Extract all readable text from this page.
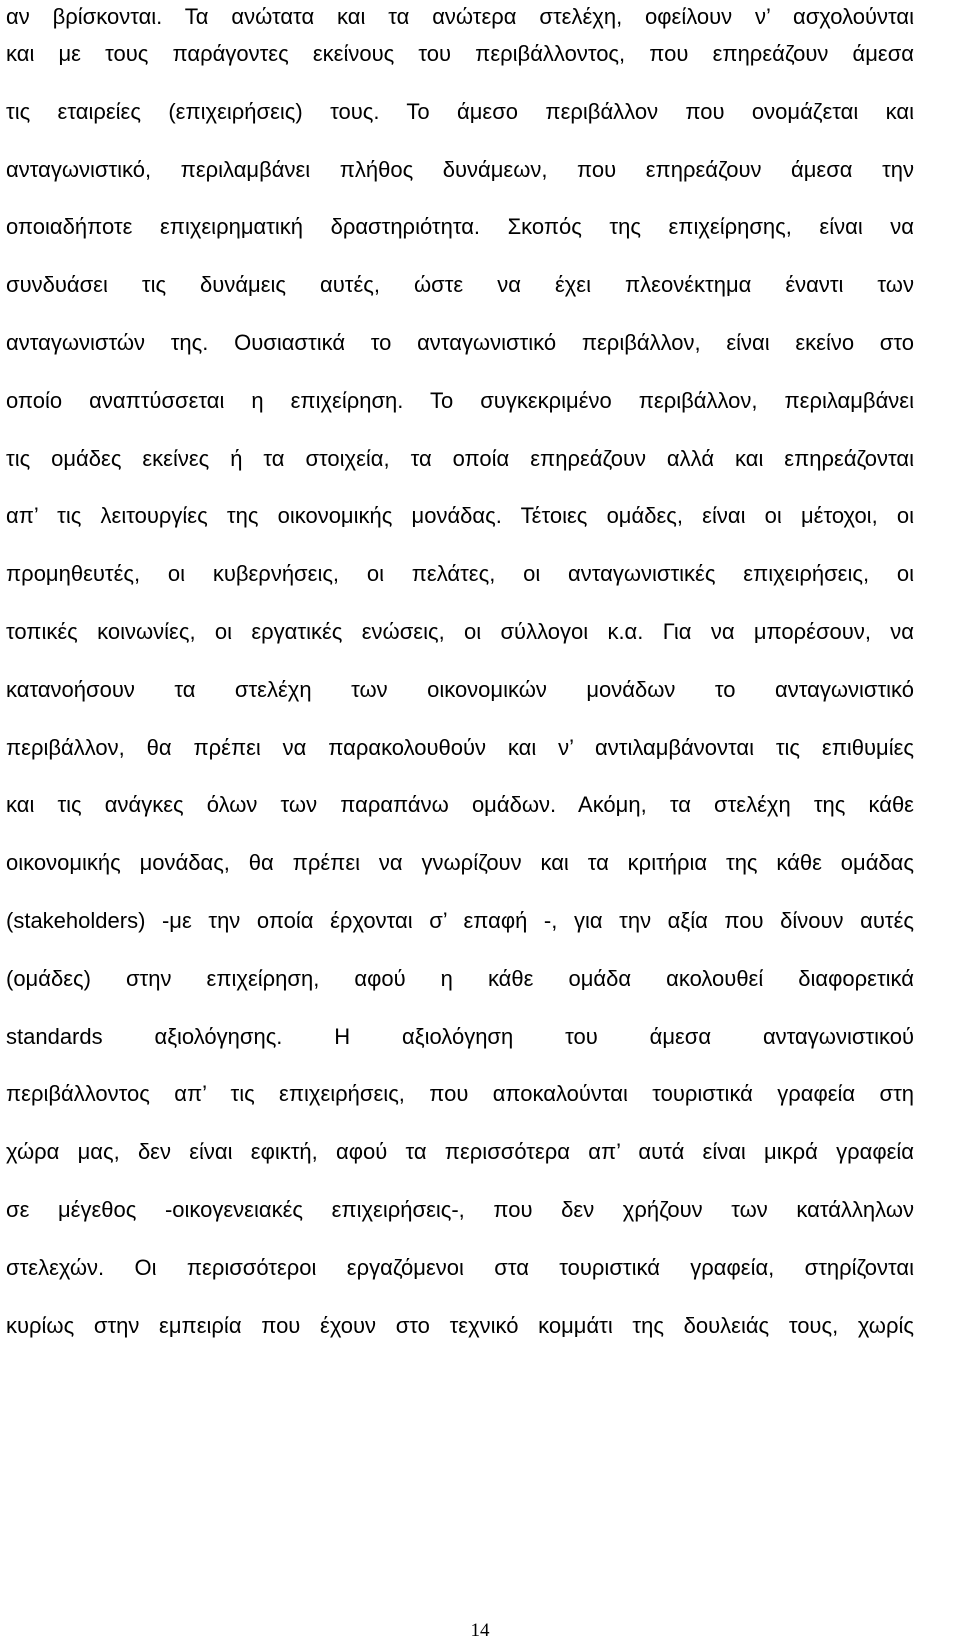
αν βρίσκονται. Τα ανώτατα και τα ανώτερα στελέχη, οφείλουν ν’ ασχολούνται
και με τους παράγοντες εκείνους του περιβάλλοντος, που επηρεάζουν άμεσα
τις εταιρείες (επιχειρήσεις) τους. Το άμεσο περιβάλλον που ονομάζεται και
ανταγωνιστικό, περιλαμβάνει πλήθος δυνάμεων, που επηρεάζουν άμεσα την
οποιαδήποτε επιχειρηματική δραστηριότητα. Σκοπός της επιχείρησης, είναι να
συνδυάσει τις δυνάμεις αυτές, ώστε να έχει πλεονέκτημα έναντι των
ανταγωνιστών της. Ουσιαστικά το ανταγωνιστικό περιβάλλον, είναι εκείνο στο
οποίο αναπτύσσεται η επιχείρηση. Το συγκεκριμένο περιβάλλον, περιλαμβάνει
τις ομάδες εκείνες ή τα στοιχεία, τα οποία επηρεάζουν αλλά και επηρεάζονται
απ’ τις λειτουργίες της οικονομικής μονάδας. Τέτοιες ομάδες, είναι οι μέτοχοι, οι
προμηθευτές, οι κυβερνήσεις, οι πελάτες, οι ανταγωνιστικές επιχειρήσεις, οι
τοπικές κοινωνίες, οι εργατικές ενώσεις, οι σύλλογοι κ.α. Για να μπορέσουν, να
κατανοήσουν τα στελέχη των οικονομικών μονάδων το ανταγωνιστικό
περιβάλλον, θα πρέπει να παρακολουθούν και ν’ αντιλαμβάνονται τις επιθυμίες
και τις ανάγκες όλων των παραπάνω ομάδων. Ακόμη, τα στελέχη της κάθε
οικονομικής μονάδας, θα πρέπει να γνωρίζουν και τα κριτήρια της κάθε ομάδας
(stakeholders) -με την οποία έρχονται σ’ επαφή -, για την αξία που δίνουν αυτές
(ομάδες) στην επιχείρηση, αφού η κάθε ομάδα ακολουθεί διαφορετικά
standards αξιολόγησης. Η αξιολόγηση του άμεσα ανταγωνιστικού
περιβάλλοντος απ’ τις επιχειρήσεις, που αποκαλούνται τουριστικά γραφεία στη
χώρα μας, δεν είναι εφικτή, αφού τα περισσότερα απ’ αυτά είναι μικρά γραφεία
σε μέγεθος -οικογενειακές επιχειρήσεις-, που δεν χρήζουν των κατάλληλων
στελεχών. Οι περισσότεροι εργαζόμενοι στα τουριστικά γραφεία, στηρίζονται
κυρίως στην εμπειρία που έχουν στο τεχνικό κομμάτι της δουλειάς τους, χωρίς
14
